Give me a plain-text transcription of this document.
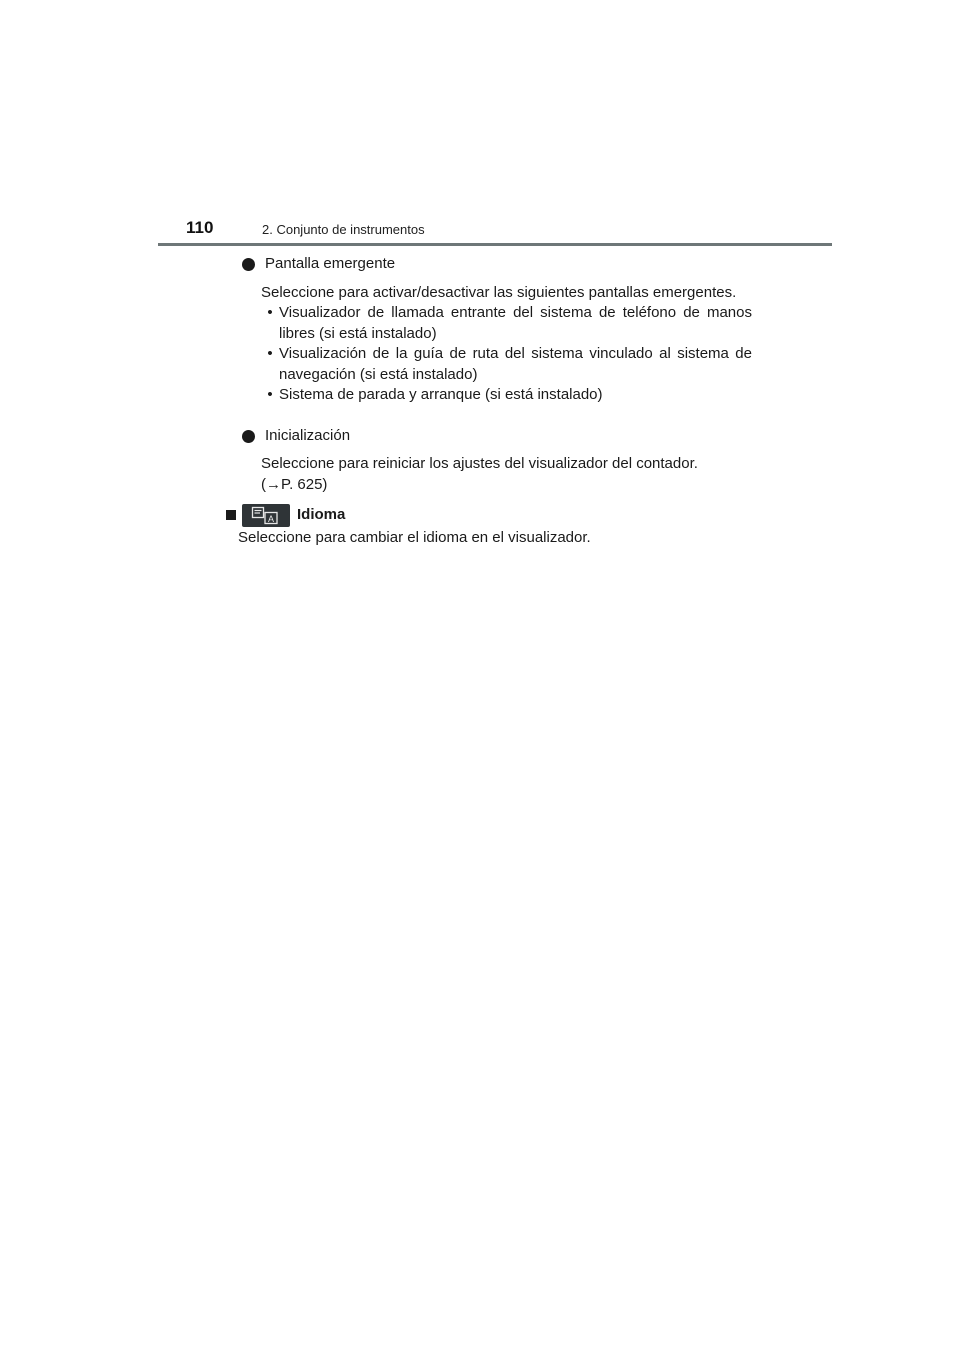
110	2. Conjunto de instrumentos
Pantalla emergente
Seleccione para activar/desactivar las siguientes pantallas emergentes.
• Visualizador de llamada entrante del sistema de teléfono de manos libres (si está instalado)
• Visualización de la guía de ruta del sistema vinculado al sistema de navegación (si está instalado)
• Sistema de parada y arranque (si está instalado)
Inicialización
Seleccione para reiniciar los ajustes del visualizador del contador.
(→P. 625)
A Idioma
Seleccione para cambiar el idioma en el visualizador.
